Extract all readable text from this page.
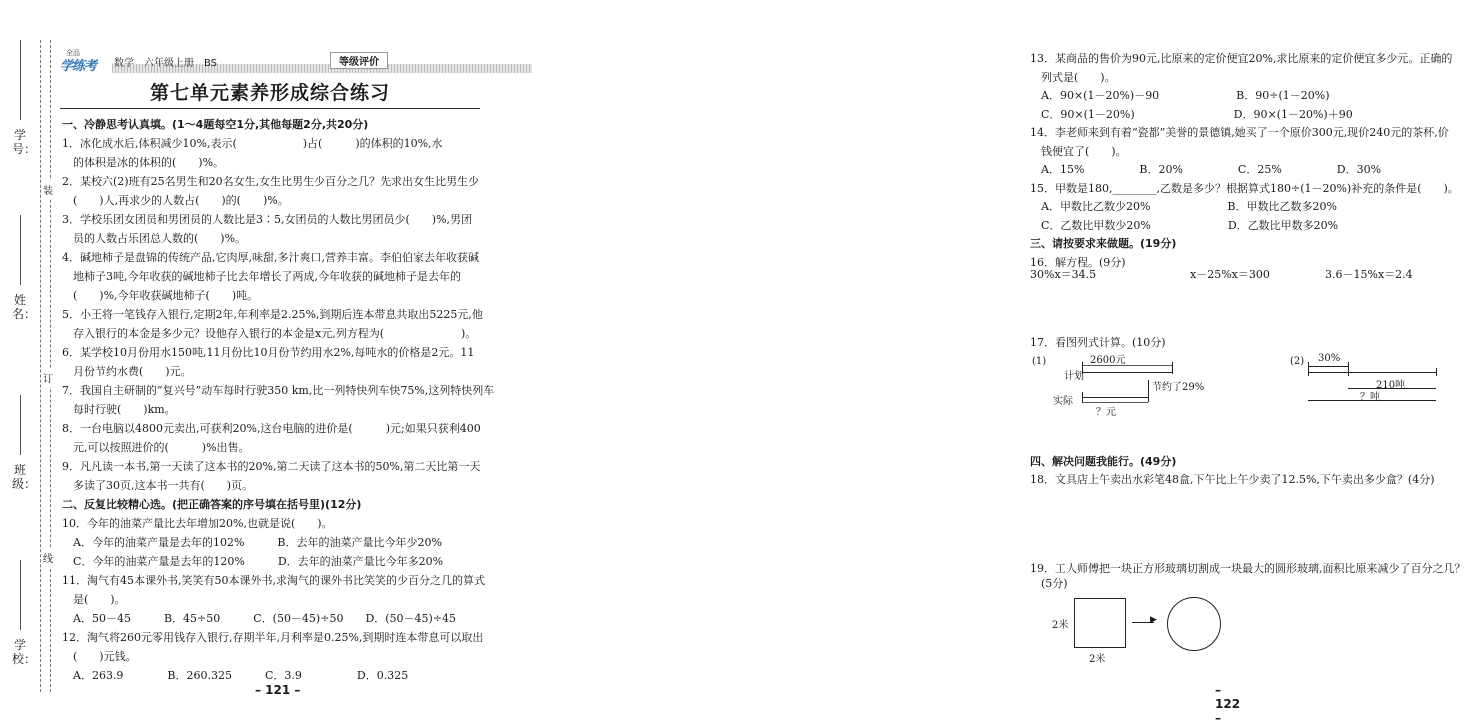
学号：
姓名：
班级：
学校：
装
订
线
全品
学练考 数学　六年级上册　BS	等级评价
第七单元素养形成综合练习
一、冷静思考认真填。(1～4题每空1分,其他每题2分,共20分)
1．冰化成水后,体积减少10%,表示(　　　　　　)占(　　　)的体积的10%,水
　的体积是冰的体积的(　　)%。
2．某校六(2)班有25名男生和20名女生,女生比男生少百分之几？先求出女生比男生少
　(　　)人,再求少的人数占(　　)的(　　)%。
3．学校乐团女团员和男团员的人数比是3∶5,女团员的人数比男团员少(　　)%,男团
　员的人数占乐团总人数的(　　)%。
4．碱地柿子是盘锦的传统产品,它肉厚,味甜,多汁爽口,营养丰富。李伯伯家去年收获碱
　地柿子3吨,今年收获的碱地柿子比去年增长了两成,今年收获的碱地柿子是去年的
　(　　)%,今年收获碱地柿子(　　)吨。
5．小王将一笔钱存入银行,定期2年,年利率是2.25%,到期后连本带息共取出5225元,他
　存入银行的本金是多少元？设他存入银行的本金是x元,列方程为(　　　　　　　)。
6．某学校10月份用水150吨,11月份比10月份节约用水2%,每吨水的价格是2元。11
　月份节约水费(　　)元。
7．我国自主研制的“复兴号”动车每时行驶350 km,比一列特快列车快75%,这列特快列车
　每时行驶(　　)km。
8．一台电脑以4800元卖出,可获利20%,这台电脑的进价是(　　　)元;如果只获利400
　元,可以按照进价的(　　　)%出售。
9．凡凡读一本书,第一天读了这本书的20%,第二天读了这本书的50%,第二天比第一天
　多读了30页,这本书一共有(　　)页。
二、反复比较精心选。(把正确答案的序号填在括号里)(12分)
10．今年的油菜产量比去年增加20%,也就是说(　　)。
　A．今年的油菜产量是去年的102%　　　B．去年的油菜产量比今年少20%
　C．今年的油菜产量是去年的120%　　　D．去年的油菜产量比今年多20%
11．淘气有45本课外书,笑笑有50本课外书,求淘气的课外书比笑笑的少百分之几的算式
　是(　　)。
　A．50－45　　　B．45÷50　　　C．(50－45)÷50　　D．(50－45)÷45
12．淘气将260元零用钱存入银行,存期半年,月利率是0.25%,到期时连本带息可以取出
　(　　)元钱。
　A．263.9　　　　B．260.325　　　C．3.9　　　　　D．0.325
– 121 –
13．某商品的售价为90元,比原来的定价便宜20%,求比原来的定价便宜多少元。正确的
　列式是(　　)。
　A．90×(1－20%)－90　　　　　　　B．90÷(1－20%)
　C．90×(1－20%)　　　　　　　　　D．90×(1－20%)＋90
14．李老师来到有着“瓷都”美誉的景德镇,她买了一个原价300元,现价240元的茶杯,价
　钱便宜了(　　)。
　A．15%　　　　　B．20%　　　　　C．25%　　　　　D．30%
15．甲数是180,________,乙数是多少？根据算式180÷(1－20%)补充的条件是(　　)。
　A．甲数比乙数少20%　　　　　　　B．甲数比乙数多20%
　C．乙数比甲数少20%　　　　　　　D．乙数比甲数多20%
三、请按要求来做题。(19分)
16．解方程。(9分)
30%x＝34.5	x－25%x＝300	3.6－15%x＝2.4
17．看图列式计算。(10分)
(1)	2600元
计划
节约了29%
实际
？元
(2) 30%
210吨
？吨
四、解决问题我能行。(49分)
18．文具店上午卖出水彩笔48盒,下午比上午少卖了12.5%,下午卖出多少盒？(4分)
19．工人师傅把一块正方形玻璃切割成一块最大的圆形玻璃,面积比原来减少了百分之几？
　(5分)
2米
2米
▶
– 122 –
